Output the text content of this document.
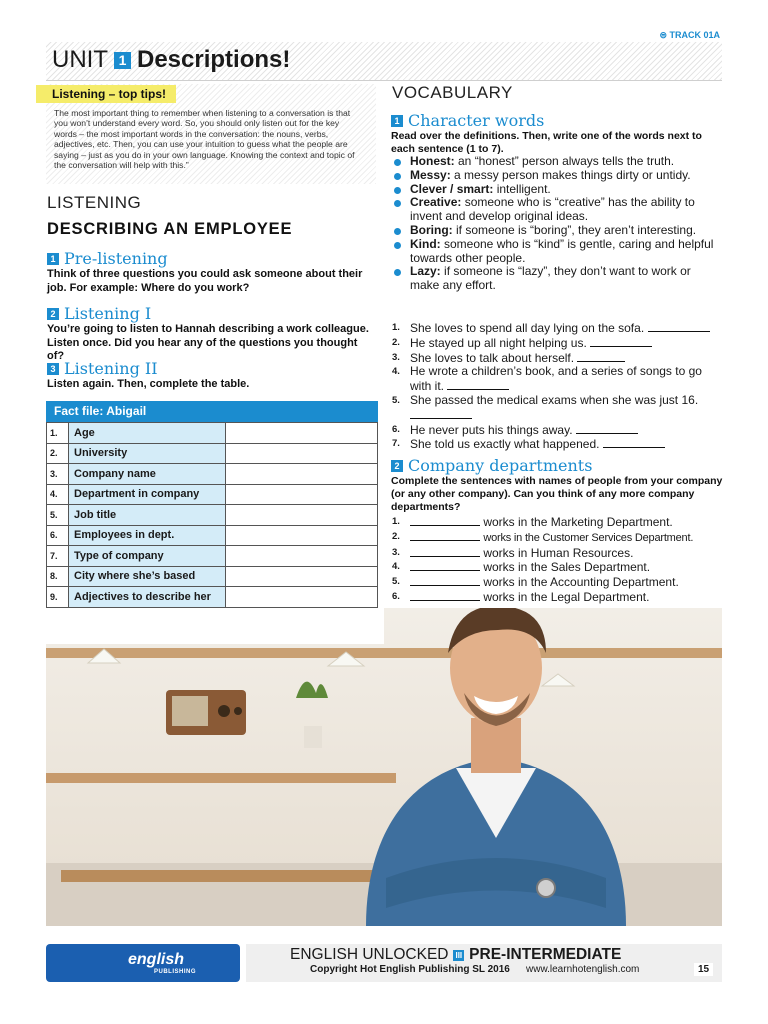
⊜ TRACK 01A
UNIT 1 Descriptions!
Listening – top tips!
The most important thing to remember when listening to a conversation is that you won’t understand every word. So, you should only listen out for the key words – the most important words in the conversation: the nouns, verbs, adjectives, etc. Then, you can use your intuition to guess what the people are saying – just as you do in your own language. Knowing the context and topic of the conversation will help with this.”
LISTENING
DESCRIBING AN EMPLOYEE
1 Pre-listening
Think of three questions you could ask someone about their job. For example: Where do you work?
2 Listening I
You’re going to listen to Hannah describing a work colleague. Listen once. Did you hear any of the questions you thought of?
3 Listening II
Listen again. Then, complete the table.
Fact file: Abigail
1.	Age	
2.	University	
3.	Company name	
4.	Department in company	
5.	Job title	
6.	Employees in dept.	
7.	Type of company	
8.	City where she’s based	
9.	Adjectives to describe her	

VOCABULARY
1 Character words
Read over the definitions. Then, write one of the words next to each sentence (1 to 7).
Honest: an “honest” person always tells the truth.
Messy: a messy person makes things dirty or untidy.
Clever / smart: intelligent.
Creative: someone who is “creative” has the ability to invent and develop original ideas.
Boring: if someone is “boring”, they aren’t interesting.
Kind: someone who is “kind” is gentle, caring and helpful towards other people.
Lazy: if someone is “lazy”, they don’t want to work or make any effort.
1. She loves to spend all day lying on the sofa.
2. He stayed up all night helping us.
3. She loves to talk about herself.
4. He wrote a children’s book, and a series of songs to go with it.
5. She passed the medical exams when she was just 16.
6. He never puts his things away.
7. She told us exactly what happened.
2 Company departments
Complete the sentences with names of people from your company (or any other company). Can you think of any more company departments?
1.	works in the Marketing Department.
2.	works in the Customer Services Department.
3.	works in Human Resources.
4.	works in the Sales Department.
5.	works in the Accounting Department.
6.	works in the Legal Department.
english
PUBLISHING
ENGLISH UNLOCKED III PRE-INTERMEDIATE
Copyright Hot English Publishing SL 2016 www.learnhotenglish.com	15
